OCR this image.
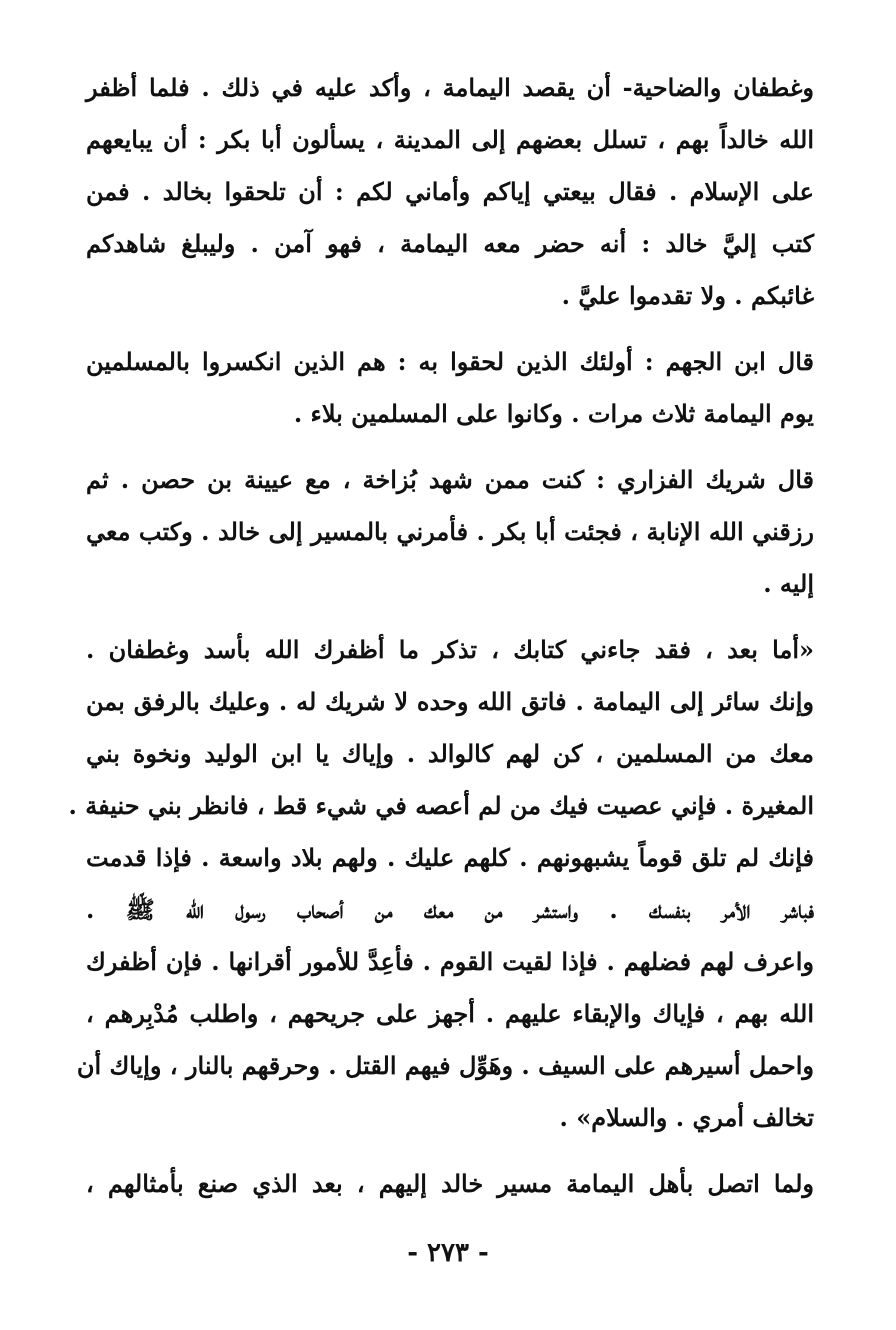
وغطفان والضاحية- أن يقصد اليمامة ، وأكد عليه في ذلك . فلما أظفر
الله خالداً بهم ، تسلل بعضهم إلى المدينة ، يسألون أبا بكر : أن يبايعهم
على الإسلام . فقال بيعتي إياكم وأماني لكم : أن تلحقوا بخالد . فمن
كتب إليَّ خالد : أنه حضر معه اليمامة ، فهو آمن . وليبلغ شاهدكم
غائبكم . ولا تقدموا عليَّ .
قال ابن الجهم : أولئك الذين لحقوا به : هم الذين انكسروا بالمسلمين
يوم اليمامة ثلاث مرات . وكانوا على المسلمين بلاء .
قال شريك الفزاري : كنت ممن شهد بُزاخة ، مع عيينة بن حصن . ثم
رزقني الله الإنابة ، فجئت أبا بكر . فأمرني بالمسير إلى خالد . وكتب معي
إليه .
«أما بعد ، فقد جاءني كتابك ، تذكر ما أظفرك الله بأسد وغطفان .
وإنك سائر إلى اليمامة . فاتق الله وحده لا شريك له . وعليك بالرفق بمن
معك من المسلمين ، كن لهم كالوالد . وإياك يا ابن الوليد ونخوة بني
المغيرة . فإني عصيت فيك من لم أعصه في شيء قط ، فانظر بني حنيفة .
فإنك لم تلق قوماً يشبهونهم . كلهم عليك . ولهم بلاد واسعة . فإذا قدمت
فباشر الأمر بنفسك . واستشر من معك من أصحاب رسول الله ﷺ .
واعرف لهم فضلهم . فإذا لقيت القوم . فأعِدَّ للأمور أقرانها . فإن أظفرك
الله بهم ، فإياك والإبقاء عليهم . أجهز على جريحهم ، واطلب مُدْبِرهم ،
واحمل أسيرهم على السيف . وهَوِّل فيهم القتل . وحرقهم بالنار ، وإياك أن
تخالف أمري . والسلام» .
ولما اتصل بأهل اليمامة مسير خالد إليهم ، بعد الذي صنع بأمثالهم ،
- ٢٧٣ -
